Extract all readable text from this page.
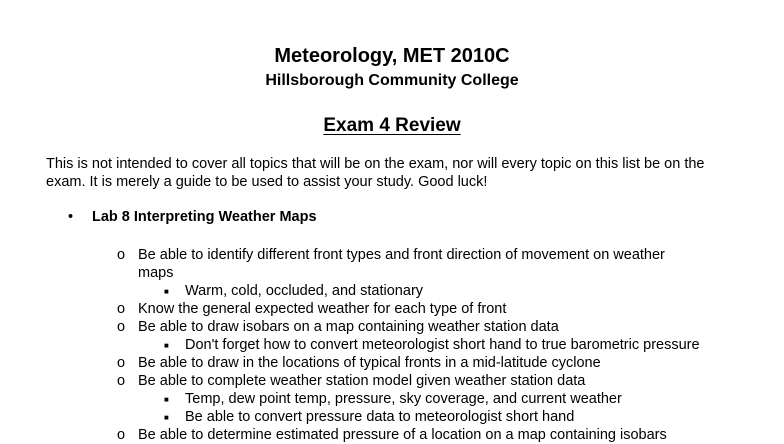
Meteorology, MET 2010C
Hillsborough Community College
Exam 4 Review
This is not intended to cover all topics that will be on the exam, nor will every topic on this list be on the exam. It is merely a guide to be used to assist your study. Good luck!
• Lab 8 Interpreting Weather Maps
o Be able to identify different front types and front direction of movement on weather
maps
■ Warm, cold, occluded, and stationary
o Know the general expected weather for each type of front
o Be able to draw isobars on a map containing weather station data
■ Don't forget how to convert meteorologist short hand to true barometric pressure
o Be able to draw in the locations of typical fronts in a mid-latitude cyclone
o Be able to complete weather station model given weather station data
■ Temp, dew point temp, pressure, sky coverage, and current weather
■ Be able to convert pressure data to meteorologist short hand
o Be able to determine estimated pressure of a location on a map containing isobars
